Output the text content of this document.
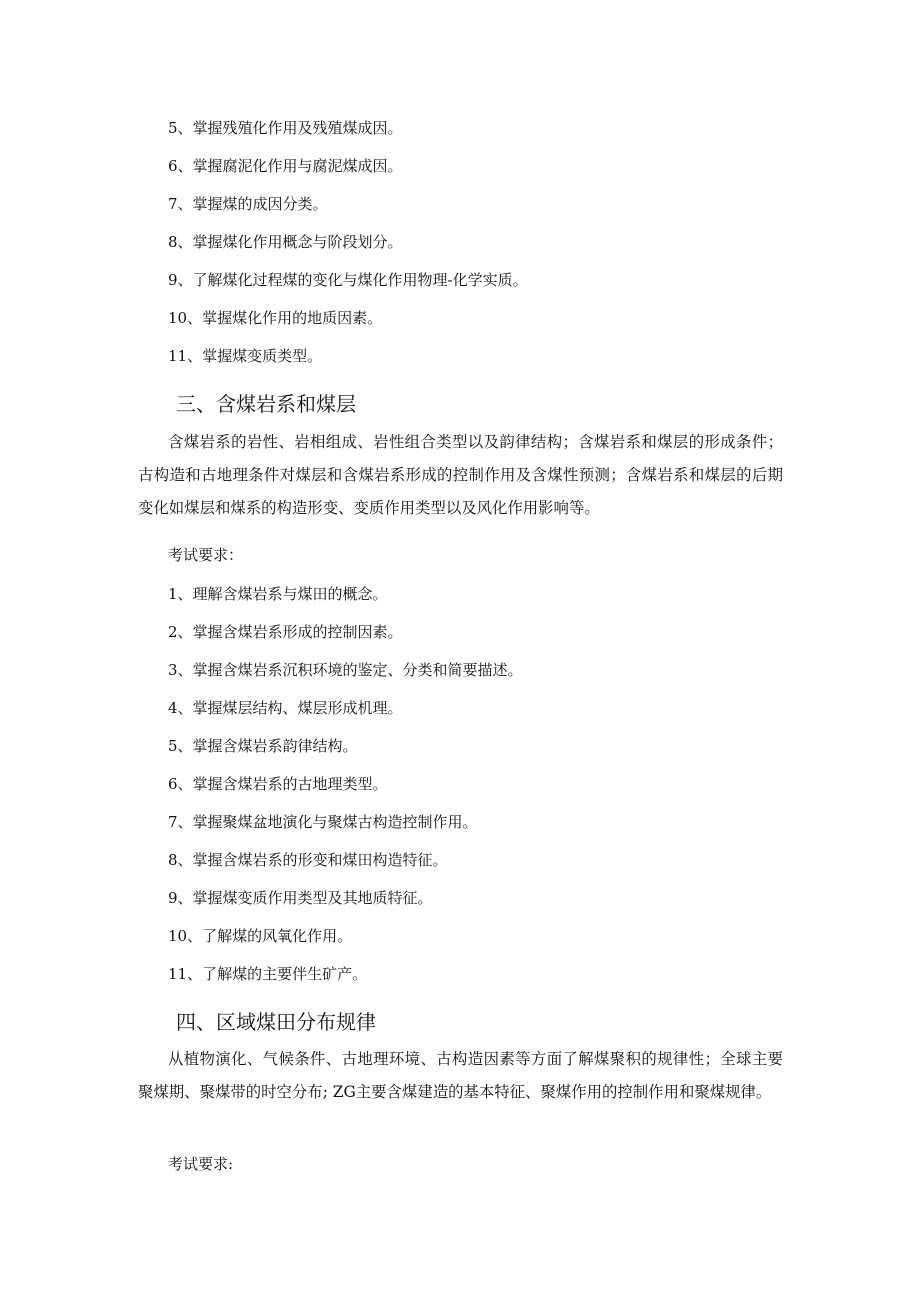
5、掌握残殖化作用及残殖煤成因。
6、掌握腐泥化作用与腐泥煤成因。
7、掌握煤的成因分类。
8、掌握煤化作用概念与阶段划分。
9、了解煤化过程煤的变化与煤化作用物理-化学实质。
10、掌握煤化作用的地质因素。
11、掌握煤变质类型。
三、含煤岩系和煤层
含煤岩系的岩性、岩相组成、岩性组合类型以及韵律结构；含煤岩系和煤层的形成条件；古构造和古地理条件对煤层和含煤岩系形成的控制作用及含煤性预测；含煤岩系和煤层的后期变化如煤层和煤系的构造形变、变质作用类型以及风化作用影响等。
考试要求：
1、理解含煤岩系与煤田的概念。
2、掌握含煤岩系形成的控制因素。
3、掌握含煤岩系沉积环境的鉴定、分类和简要描述。
4、掌握煤层结构、煤层形成机理。
5、掌握含煤岩系韵律结构。
6、掌握含煤岩系的古地理类型。
7、掌握聚煤盆地演化与聚煤古构造控制作用。
8、掌握含煤岩系的形变和煤田构造特征。
9、掌握煤变质作用类型及其地质特征。
10、了解煤的风氧化作用。
11、了解煤的主要伴生矿产。
四、区域煤田分布规律
从植物演化、气候条件、古地理环境、古构造因素等方面了解煤聚积的规律性；全球主要聚煤期、聚煤带的时空分布; ZG主要含煤建造的基本特征、聚煤作用的控制作用和聚煤规律。
考试要求:
